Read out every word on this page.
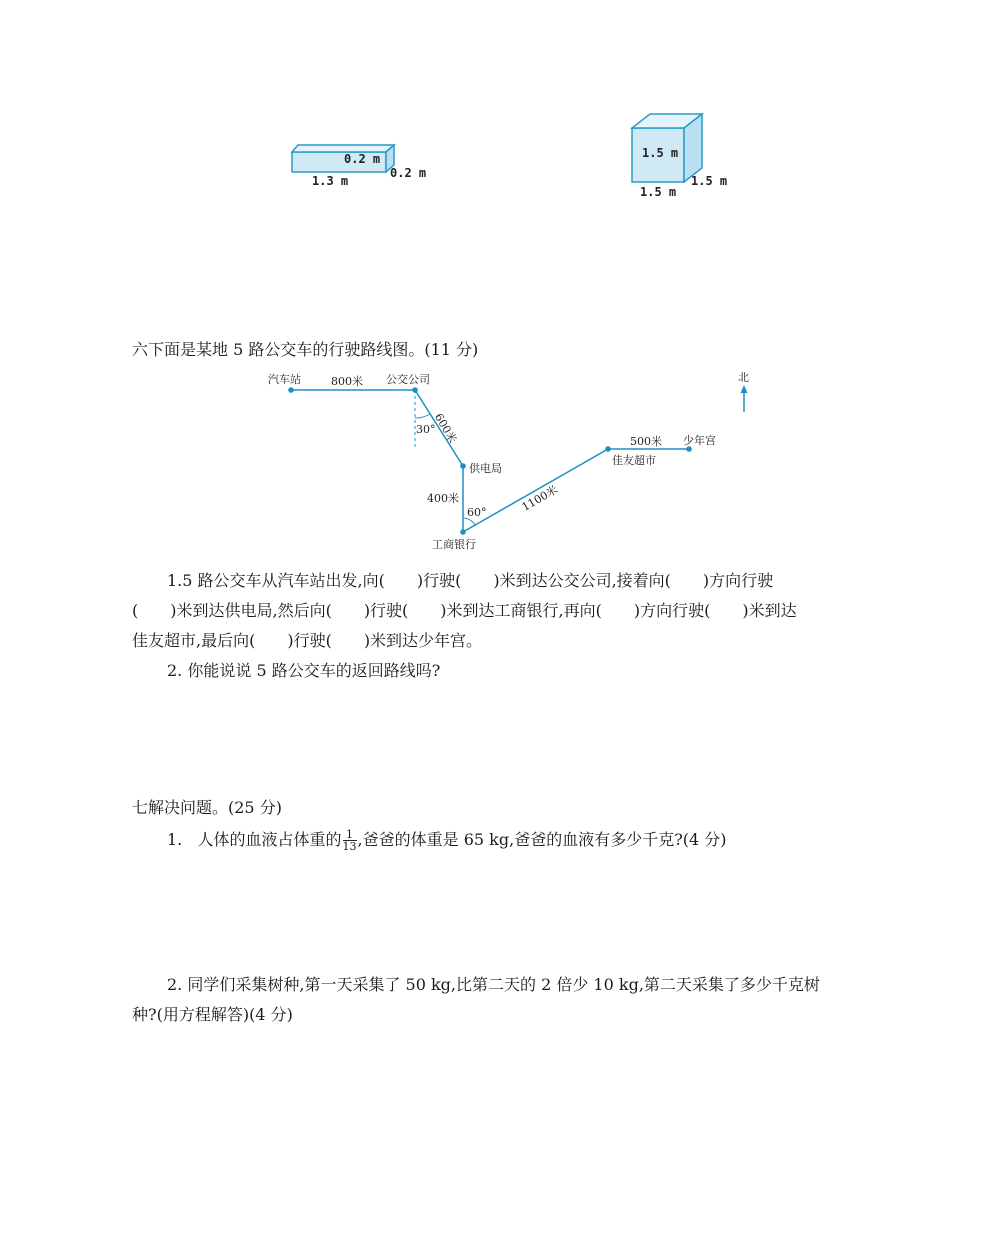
0.2 m
1.3 m
0.2 m
1.5 m
1.5 m
1.5 m
六下面是某地 5 路公交车的行驶路线图。(11 分)
汽车站	800米 公交公司
600米
30°
供电局
400米
60°
工商银行
1100米
佳友超市
500米 少年宫
北
1.5 路公交车从汽车站出发,向(　　)行驶(　　)米到达公交公司,接着向(　　)方向行驶
(　　)米到达供电局,然后向(　　)行驶(　　)米到达工商银行,再向(　　)方向行驶(　　)米到达
佳友超市,最后向(　　)行驶(　　)米到达少年宫。
2. 你能说说 5 路公交车的返回路线吗?
七解决问题。(25 分)
1. 人体的血液占体重的 $\frac{1}{13}$ ,爸爸的体重是 65 kg,爸爸的血液有多少千克?(4 分)
2. 同学们采集树种,第一天采集了 50 kg,比第二天的 2 倍少 10 kg,第二天采集了多少千克树
种?(用方程解答)(4 分)
